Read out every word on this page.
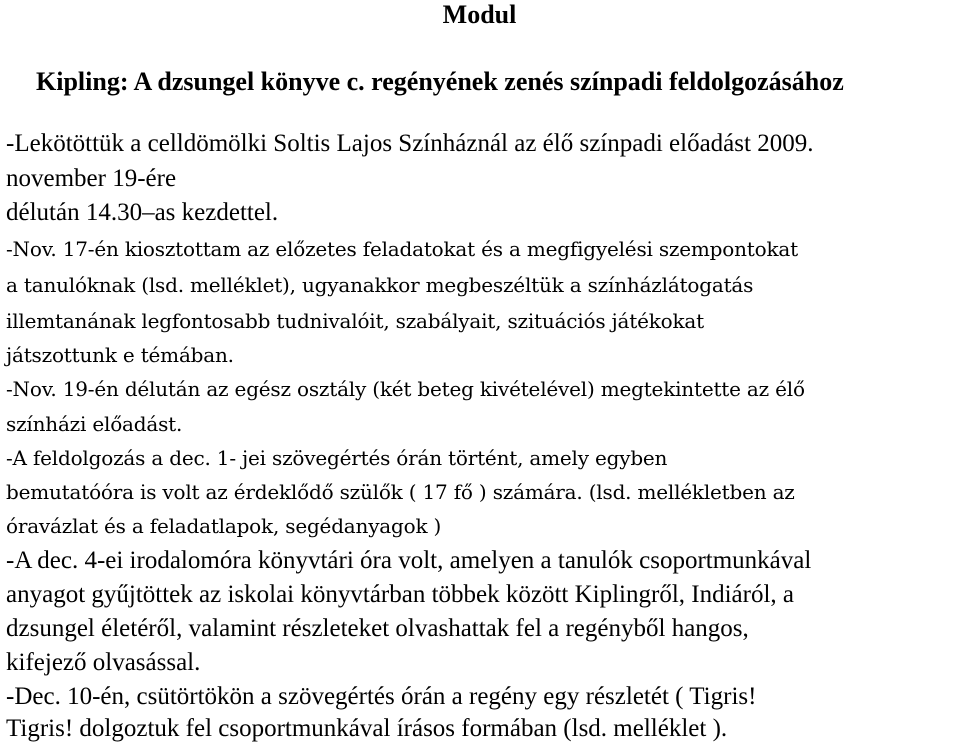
Modul
Kipling: A dzsungel könyve c. regényének zenés színpadi feldolgozásához
-Lekötöttük a celldömölki Soltis Lajos Színháznál az élő színpadi előadást 2009.
november 19-ére
délután 14.30–as kezdettel.
-Nov. 17-én kiosztottam az előzetes feladatokat és a megfigyelési szempontokat
a tanulóknak (lsd. melléklet), ugyanakkor megbeszéltük a színházlátogatás
illemtanának legfontosabb tudnivalóit, szabályait, szituációs játékokat
játszottunk e témában.
-Nov. 19-én délután az egész osztály (két beteg kivételével) megtekintette az élő
színházi előadást.
-A feldolgozás a dec. 1- jei szövegértés órán történt, amely egyben
bemutatóóra is volt az érdeklődő szülők ( 17 fő ) számára. (lsd. mellékletben az
óravázlat és a feladatlapok, segédanyagok )
-A dec. 4-ei irodalomóra könyvtári óra volt, amelyen a tanulók csoportmunkával
anyagot gyűjtöttek az iskolai könyvtárban többek között Kiplingről, Indiáról, a
dzsungel életéről, valamint részleteket olvashattak fel a regényből hangos,
kifejező olvasással.
-Dec. 10-én, csütörtökön a szövegértés órán a regény egy részletét ( Tigris!
Tigris! dolgoztuk fel csoportmunkával írásos formában (lsd. melléklet ).
